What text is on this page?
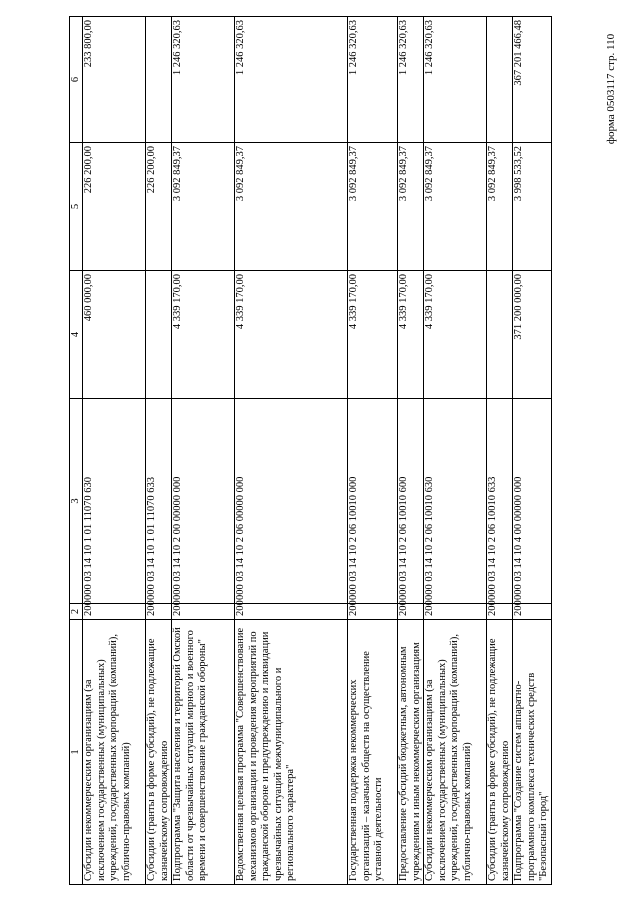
форма 0503117 стр. 110
1	2	3	4	5	6
Субсидии некоммерческим организациям (за исключением государственных (муниципальных) учреждений, государственных корпораций (компаний), публично-правовых компаний)	200	000 03 14 10 1 01 11070 630	460 000,00	226 200,00	233 800,00
Субсидии (гранты в форме субсидий), не подлежащие казначейскому сопровождению	200	000 03 14 10 1 01 11070 633		226 200,00	
Подпрограмма "Защита населения и территорий Омской области от чрезвычайных ситуаций мирного и военного времени и совершенствование гражданской обороны"	200	000 03 14 10 2 00 00000 000	4 339 170,00	3 092 849,37	1 246 320,63
Ведомственная целевая программа "Совершенствование механизмов организации и проведения мероприятий по гражданской обороне и предупреждению и ликвидации чрезвычайных ситуаций межмуниципального и регионального характера"	200	000 03 14 10 2 06 00000 000	4 339 170,00	3 092 849,37	1 246 320,63
Государственная поддержка некоммерческих организаций – казачьих обществ на осуществление уставной деятельности	200	000 03 14 10 2 06 10010 000	4 339 170,00	3 092 849,37	1 246 320,63
Предоставление субсидий бюджетным, автономным учреждениям и иным некоммерческим организациям	200	000 03 14 10 2 06 10010 600	4 339 170,00	3 092 849,37	1 246 320,63
Субсидии некоммерческим организациям (за исключением государственных (муниципальных) учреждений, государственных корпораций (компаний), публично-правовых компаний)	200	000 03 14 10 2 06 10010 630	4 339 170,00	3 092 849,37	1 246 320,63
Субсидии (гранты в форме субсидий), не подлежащие казначейскому сопровождению	200	000 03 14 10 2 06 10010 633		3 092 849,37	
Подпрограмма "Создание систем аппаратно-программного комплекса технических средств "Безопасный город"	200	000 03 14 10 4 00 00000 000	371 200 000,00	3 998 533,52	367 201 466,48
